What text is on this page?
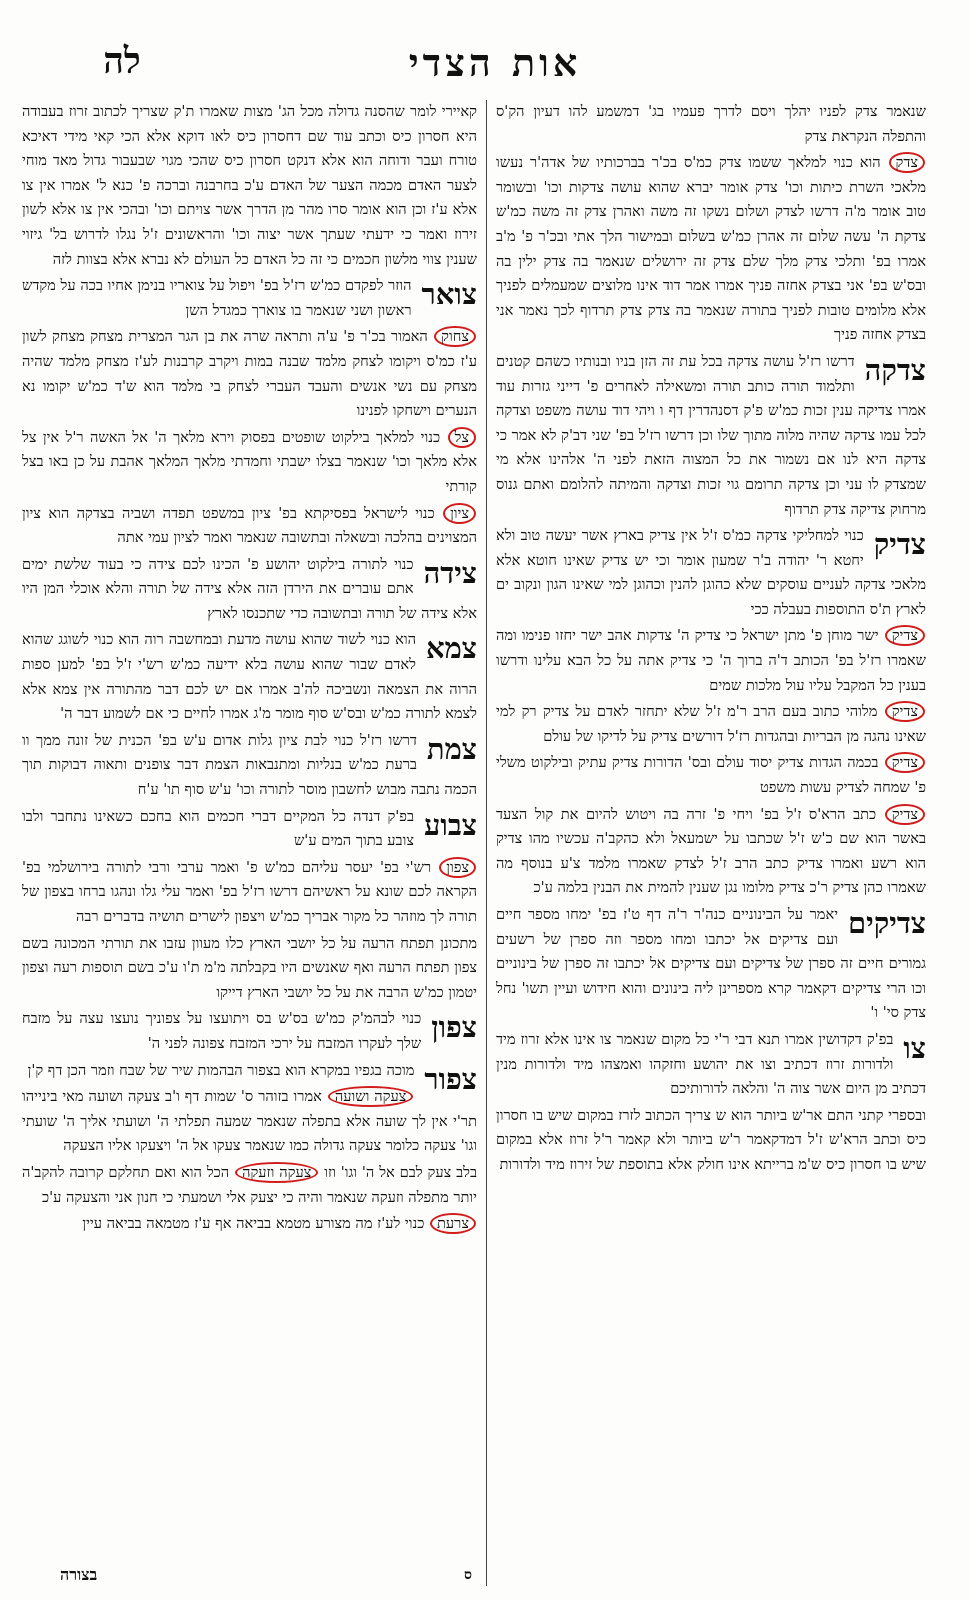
אות הצדי
לה
שנאמר צדק לפניו יהלך ויסם לדרך פעמיו בג' דמשמע להו דעיון הק'ס והתפלה הנקראת צדק
צדק הוא כנוי למלאך ששמו צדק כמ'ס בכ'ר בברכותיו של אדה'ר נעשו מלאכי השרת כיתות וכו' צדק אומר יברא שהוא עושה צדקות וכו' ובשומר טוב אומר מ'ה דרשו לצדק ושלום נשקו זה משה ואהרן צדק זה משה כמ'ש צדקת ה' עשה שלום זה אהרן כמ'ש בשלום ובמישור הלך אתי ובכ'ר פ' מ'ב אמרו בפ' ותלכי צדק מלך שלם צדק זה ירושלים שנאמר בה צדק ילין בה ובס'ש בפ' אני בצדק אחזה פניך אמרו אמר דוד אינו מלוצים שמעמלים לפניך אלא מלומים טובות לפניך בתורה שנאמר בה צדק צדק תרדוף לכך נאמר אני בצדק אחזה פניך
צדקה
דרשו רז'ל עושה צדקה בכל עת זה הזן בניו ובנותיו כשהם קטנים ותלמוד תורה כותב תורה ומשאילה לאחרים פ' דייני גזרות עוד אמרו צדיקה ענין זכות כמ'ש פ'ק דסנהדרין דף ו ויהי דוד עושה משפט וצדקה לכל עמו צדקה שהיה מלוה מתוך שלו וכן דרשו רז'ל בפ' שני דב'ק לא אמר כי צדקה היא לנו אם נשמור את כל המצוה הזאת לפני ה' אלהינו אלא מי שמצדק לו עני וכן צדקה תרומם גוי זכות וצדקה והמיתה להלומם ואתם גנוס מרחוק צדיקה צדק תרדוף
צדיק
כנוי למחליקי צדקה כמ'ס ז'ל אין צדיק בארץ אשר יעשה טוב ולא יחטא ר' יהודה ב'ר שמעון אומר וכי יש צדיק שאינו חוטא אלא מלאכי צדקה לעניים עוסקים שלא כהוגן להנין וכהוגן למי שאינו הגון ונקוב ים לארץ ת'ס התוספות בעבלה ככי
צדיק ישר מוחן פ' מתן ישראל כי צדיק ה' צדקות אהב ישר יחזו פנימו ומה שאמרו רז'ל בפ' הכותב ד'ה ברוך ה' כי צדיק אתה על כל הבא עלינו ודרשו בענין כל המקבל עליו עול מלכות שמים
צדיק מלוהי כתוב בעם הרב ר'מ ז'ל שלא יתחזר לאדם על צדיק רק למי שאינו נהגה מן הבריות ובהגדות רז'ל דורשים צדיק על לדיקו של עולם
צדיק בכמה הגדות צדיק יסוד עולם ובס' הדורות צדיק עתיק ובילקוט משלי פ' שמחה לצדיק עשות משפט
צדיק כתב הרא'ס ז'ל בפ' ויחי פ' זרה בה ויטוש להיום את קול הצעד באשר הוא שם כ'ש ז'ל שכתבו על ישמעאל ולא כהקב'ה עכשיו מהו צדיק הוא רשע ואמרו צדיק כתב הרב ז'ל לצדק שאמרו מלמד צ'ע בנוסף מה שאמרו כהן צדיק ר'כ צדיק מלומו נגן שענין להמית את הבנין בלמה ע'כ
צדיקים
יאמר על הבינוניים כנה'ר ר'ה דף ט'ז בפ' ימחו מספר חיים ועם צדיקים אל יכתבו ומחו מספר וזה ספרן של רשעים גמורים חיים זה ספרן של צדיקים ועם צדיקים אל יכתבו זה ספרן של בינוניים וכו הרי צדיקים דקאמר קרא מספרינן ליה בינונים והוא חידוש ועיין תשו' נחל צדק סי' ו'
צו
בפ'ק דקדושין אמרו תנא דבי ר'י כל מקום שנאמר צו אינו אלא זרוז מיד ולדורות זרוז דכתיב וצו את יהושע וחזקהו ואמצהו מיד ולדורות מנין דכתיב מן היום אשר צוה ה' והלאה לדורותיכם
ובספרי קתני התם אר'ש ביותר הוא ש צריך הכתוב לזרז במקום שיש בו חסרון כיס וכתב הרא'ש ז'ל דמדקאמר ר'ש ביותר ולא קאמר ר'ל זרוז אלא במקום שיש בו חסרון כיס ש'מ ברייתא אינו חולק אלא בתוספת של זירוז מיד ולדורות
קאיירי לומר שהסנה גדולה מכל הג' מצות שאמרו ת'ק שצריך לכתוב זרוז בעבודה היא חסרון כיס וכתב עוד שם דחסרון כיס לאו דוקא אלא הכי קאי מידי דאיכא טורח ועבר ודוחה הוא אלא דנקט חסרון כיס שהכי מגוי שבעבור גדול מאד מוחי לצער האדם מכמה הצער של האדם ע'כ בחרבנה וברכה פ' כנא ל' אמרו אין צו אלא ע'ז וכן הוא אומר סרו מהר מן הדרך אשר צויתם וכו' ובהכי אין צו אלא לשון זירוז ואמר כי ידעתי שעתך אשר יצוה וכו' והראשונים ז'ל נגלו לדרוש בל' גיזוי שענין צווי מלשון חכמים כי זה כל האדם כל העולם לא נברא אלא בצוות לזה
צואר
הוזר לפקדם כמ'ש רז'ל בפ' ויפול על צואריו בנימן אחיו בכה על מקדש ראשון ושני שנאמר בו צוארך כמגדל השן
צחוק האמור בכ'ר פ' ע'ה ותראה שרה את בן הגר המצרית מצחק מצחק לשון ע'ז כמ'ס ויקומו לצחק מלמד שבנה במות ויקרב קרבנות לע'ז מצחק מלמד שהיה מצחק עם נשי אנשים והעבד העברי לצחק בי מלמד הוא ש'ד כמ'ש יקומו נא הנערים וישחקו לפנינו
צל כנוי למלאך בילקוט שופטים בפסוק וירא מלאך ה' אל האשה ר'ל אין צל אלא מלאך וכו' שנאמר בצלו ישבתי וחמדתי מלאך המלאך אהבת על כן באו בצל קורתי
ציון כנוי לישראל בפסיקתא בפ' ציון במשפט תפדה ושביה בצדקה הוא ציון המצוינים בהלכה ובשאלה ובתשובה שנאמר ואמר לציון עמי אתה
צידה
כנוי לתורה בילקוט יהושע פ' הכינו לכם צידה כי בעוד שלשת ימים אתם עוברים את הירדן הזה אלא צידה של תורה והלא אוכלי המן היו אלא צידה של תורה ובתשובה כדי שתכנסו לארץ
צמא
הוא כנוי לשוד שהוא עושה מדעת ובמחשבה רוה הוא כנוי לשוגג שהוא לאדם שבור שהוא עושה בלא ידיעה כמ'ש רש'י ז'ל בפ' למען ספות הרוה את הצמאה ונשביכה לה'ב אמרו אם יש לכם דבר מהתורה אין צמא אלא לצמא לתורה כמ'ש ובס'ש סוף מומר מ'ג אמרו לחיים כי אם לשמוע דבר ה'
צמת
דרשו רז'ל כנוי לבת ציון גלות אדום ע'ש בפ' הכנית של זונה ממך וו ברעת כמ'ש בנליות ומתנבאות הצמת דבר צופנים ותאוה דבוקות תוך הכמה נתבה מבוש לחשבון מוסר לתורה וכו' ע'ש סוף תו' ע'ח
צבוע
בפ'ק דנדה כל המקיים דברי חכמים הוא בחכם כשאינו נתחבר ולבו צובע בתוך המים ע'ש
צפון רש'י בפ' יעסר עליהם כמ'ש פ' ואמר ערבי ורבי לתורה בירושלמי בפ' הקראה לכם שונא על ראשיהם דרשו רז'ל בפ' ואמר עלי גלו ונהגו ברחו בצפון של תורה לך מוזהר כל מקור אבריך כמ'ש ויצפון לישרים תושיה בדברים רבה
מתכונן תפתח הרעה על כל יושבי הארץ כלו מעוון עזבו את תורתי המכונה בשם צפון תפתח הרעה ואף שאנשים היו בקבלתה מ'מ ת'ו ע'כ בשם תוספות רעה וצפון יטמון כמ'ש הרבה את על כל יושבי הארץ דייקו
צפון
כנוי לבהמ'ק כמ'ש בס'ש בס ויתועצו על צפוניך נועצו עצה על מזבח שלך לעקרו המזבח על ירכי המזבח צפונה לפני ה'
צפור
מוכה בגפיו במקרא הוא בצפור הבהמות שיר של שבח וזמר הכן דף ק'ן
צעקה ושועה אמרו בזוהר ס' שמות דף ו'ב צעקה ושועה מאי בינייהו תר'י אין לך שועה אלא בתפלה שנאמר שמעה תפלתי ה' ושועתי אליך ה' שועתי וגו' צעקה כלומר צעקה גדולה כמו שנאמר צעקו אל ה' ויצעקו אליו הצעקה
בלב צעק לבם אל ה' וגו' וזו צעקה וזעקה הכל הוא ואם תחלקם קרובה להקב'ה יותר מתפלה וזעקה שנאמר והיה כי יצעק אלי ושמעתי כי חנון אני והצעקה ע'כ
צרעת כנוי לע'ז מה מצורע מטמא בביאה אף ע'ז מטמאה בביאה עיין
בצורה	ס
